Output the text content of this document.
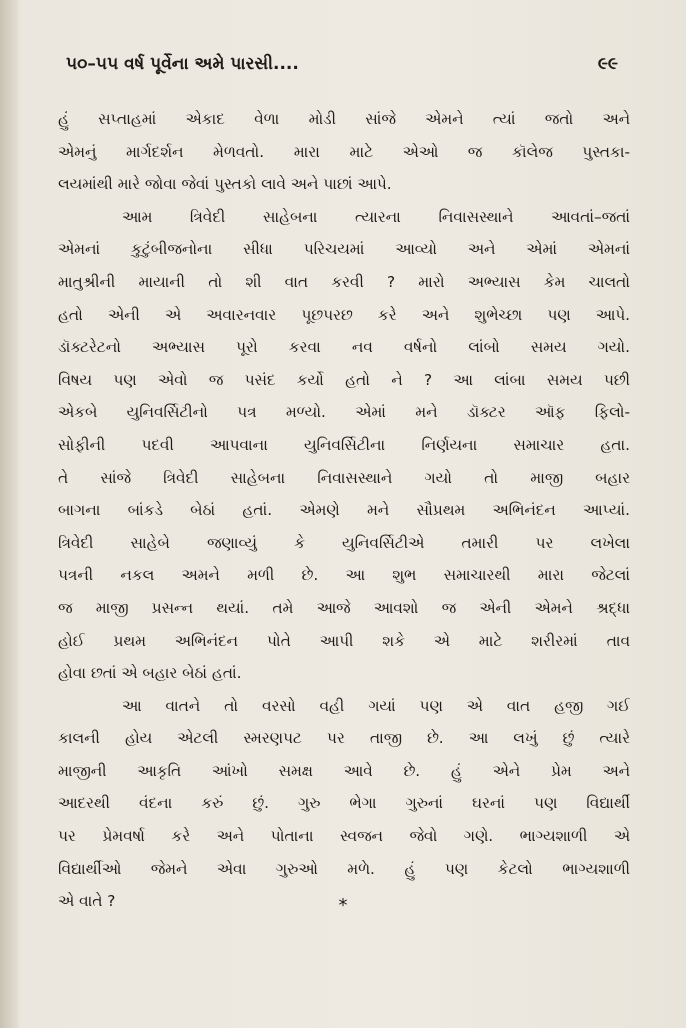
૫૦–૫૫ વર્ષ પૂર્વેના અમે પારસી....	૯૯
હું સપ્તાહમાં એકાદ વેળા મોડી સાંજે એમને ત્યાં જતો અને
એમનું માર્ગદર્શન મેળવતો. મારા માટે એઓ જ કૉલેજ પુસ્તકા-
લયમાંથી મારે જોવા જેવાં પુસ્તકો લાવે અને પાછાં આપે.
આમ ત્રિવેદી સાહેબના ત્યારના નિવાસસ્થાને આવતાં–જતાં
એમનાં કુટુંબીજનોના સીધા પરિચયમાં આવ્યો અને એમાં એમનાં
માતુશ્રીની માયાની તો શી વાત કરવી ? મારો અભ્યાસ કેમ ચાલતો
હતો એની એ અવારનવાર પૂછપરછ કરે અને શુભેચ્છા પણ આપે.
ડૉક્ટરેટનો અભ્યાસ પૂરો કરવા નવ વર્ષનો લાંબો સમય ગયો.
વિષય પણ એવો જ પસંદ કર્યો હતો ને ? આ લાંબા સમય પછી
એકબે યુનિવર્સિટીનો પત્ર મળ્યો. એમાં મને ડૉક્ટર ઑફ ફિલો-
સોફીની પદવી આપવાના યુનિવર્સિટીના નિર્ણયના સમાચાર હતા.
તે સાંજે ત્રિવેદી સાહેબના નિવાસસ્થાને ગયો તો માજી બહાર
બાગના બાંકડે બેઠાં હતાં. એમણે મને સૌપ્રથમ અભિનંદન આપ્યાં.
ત્રિવેદી સાહેબે જણાવ્યું કે યુનિવર્સિટીએ તમારી પર લખેલા
પત્રની નકલ અમને મળી છે. આ શુભ સમાચારથી મારા જેટલાં
જ માજી પ્રસન્ન થયાં. તમે આજે આવશો જ એની એમને શ્રદ્ધા
હોઈ પ્રથમ અભિનંદન પોતે આપી શકે એ માટે શરીરમાં તાવ
હોવા છતાં એ બહાર બેઠાં હતાં.
આ વાતને તો વરસો વહી ગયાં પણ એ વાત હજી ગઈ
કાલની હોય એટલી સ્મરણપટ પર તાજી છે. આ લખું છું ત્યારે
માજીની આકૃતિ આંખો સમક્ષ આવે છે. હું એને પ્રેમ અને
આદરથી વંદના કરું છું. ગુરુ ભેગા ગુરુનાં ઘરનાં પણ વિદ્યાર્થી
પર પ્રેમવર્ષા કરે અને પોતાના સ્વજન જેવો ગણે. ભાગ્યશાળી એ
વિદ્યાર્થીઓ જેમને એવા ગુરુઓ મળે. હું પણ કેટલો ભાગ્યશાળી
એ વાતે ?	*
